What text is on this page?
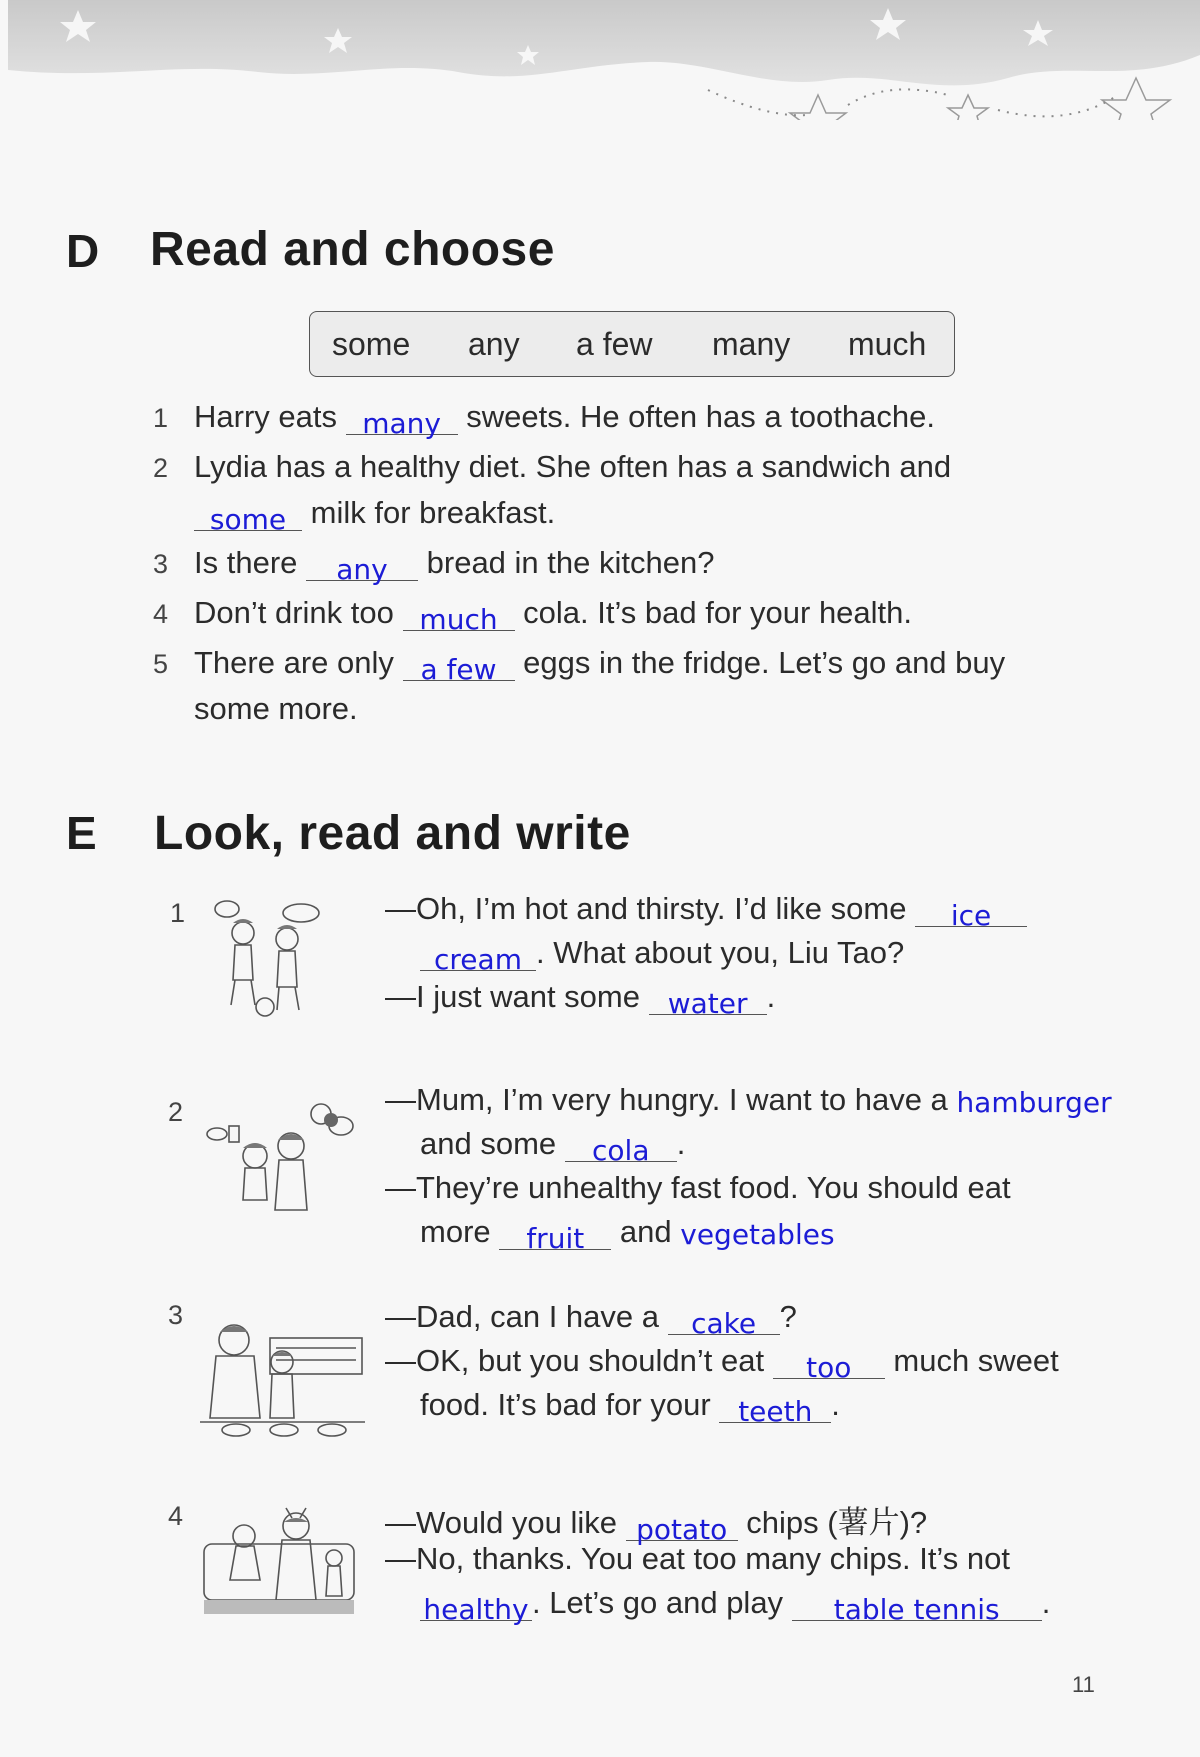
D Read and choose
some any a few many much
1 Harry eats many sweets. He often has a toothache.
2 Lydia has a healthy diet. She often has a sandwich and
some milk for breakfast.
3 Is there any bread in the kitchen?
4 Don’t drink too much cola. It’s bad for your health.
5 There are only a few eggs in the fridge. Let’s go and buy
some more.
E Look, read and write
1	—Oh, I’m hot and thirsty. I’d like some ice
cream . What about you, Liu Tao?
—I just want some water .
2	—Mum, I’m very hungry. I want to have a hamburger
and some cola .
—They’re unhealthy fast food. You should eat
more fruit and vegetables
3	—Dad, can I have a cake ?
—OK, but you shouldn’t eat too much sweet
food. It’s bad for your teeth .
4	—Would you like potato chips (薯片)?
—No, thanks. You eat too many chips. It’s not
healthy . Let’s go and play table tennis .
11
